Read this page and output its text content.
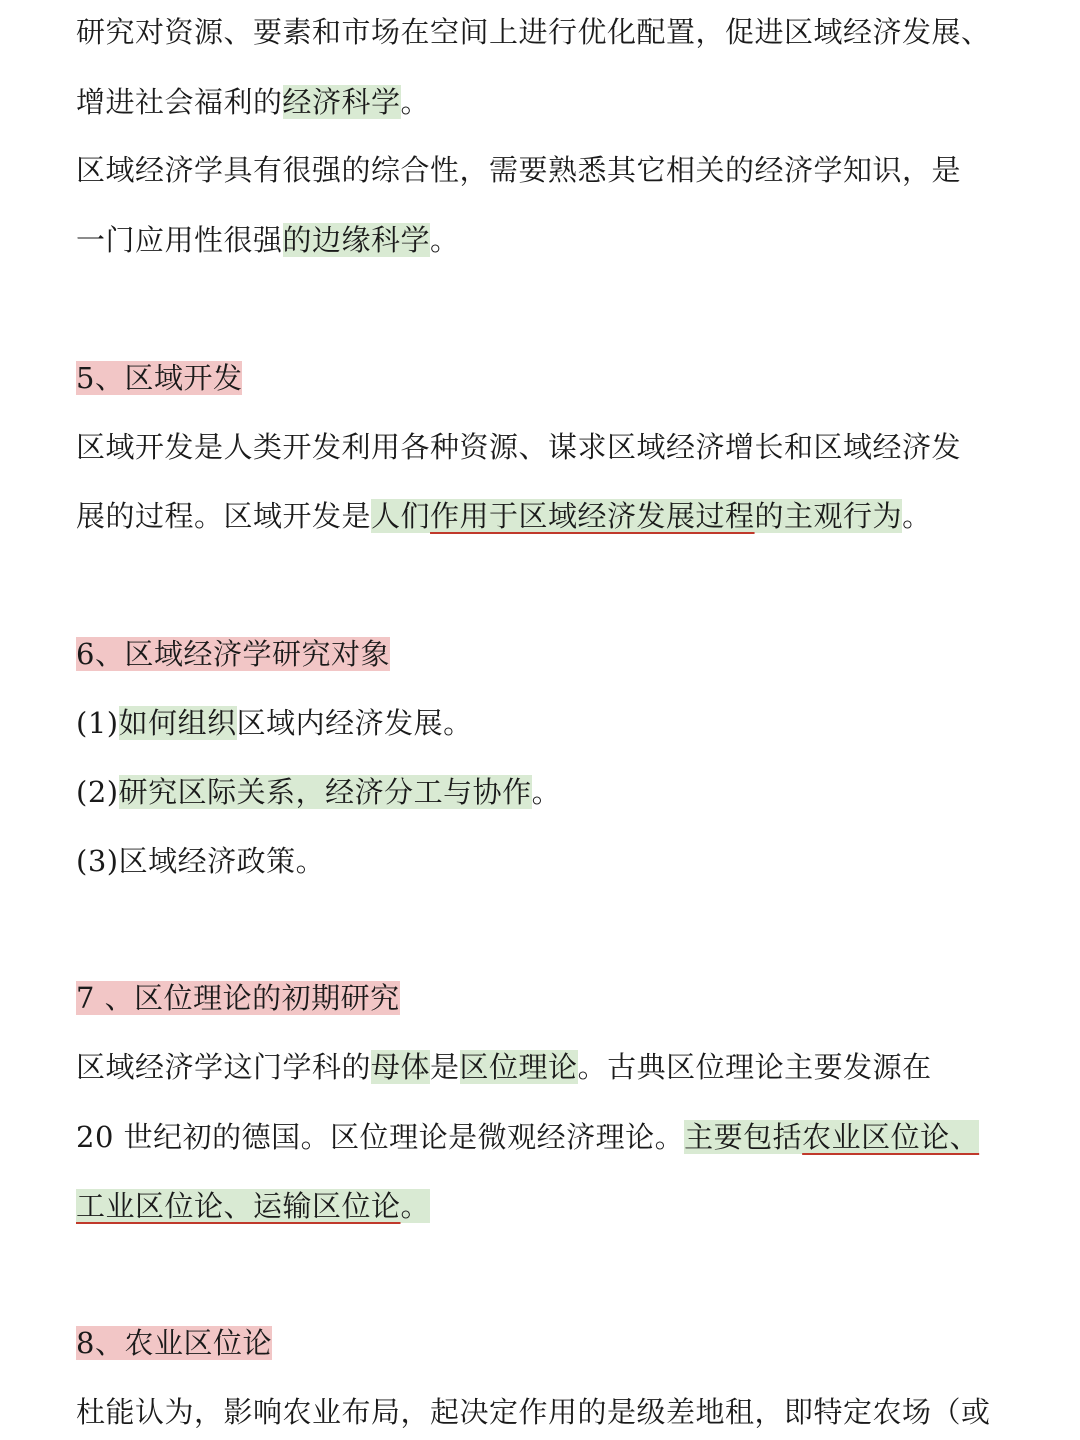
研究对资源、要素和市场在空间上进行优化配置，促进区域经济发展、
增进社会福利的经济科学。
区域经济学具有很强的综合性，需要熟悉其它相关的经济学知识，是
一门应用性很强的边缘科学。
5、区域开发
区域开发是人类开发利用各种资源、谋求区域经济增长和区域经济发
展的过程。区域开发是人们作用于区域经济发展过程的主观行为。
6、区域经济学研究对象
(1)如何组织区域内经济发展。
(2)研究区际关系，经济分工与协作。
(3)区域经济政策。
7 、区位理论的初期研究
区域经济学这门学科的母体是区位理论。古典区位理论主要发源在
20 世纪初的德国。区位理论是微观经济理论。主要包括农业区位论、
工业区位论、运输区位论。
8、农业区位论
杜能认为，影响农业布局，起决定作用的是级差地租，即特定农场（或
